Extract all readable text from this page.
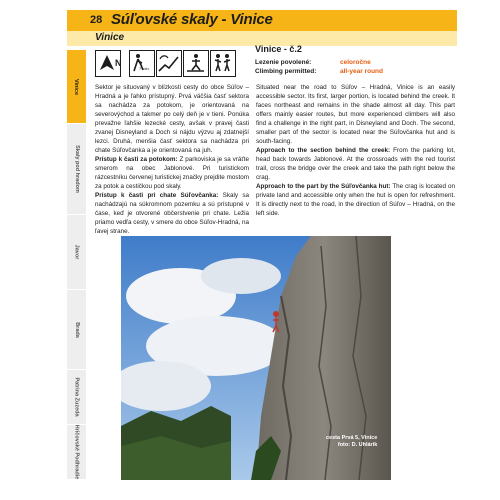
28 Súľovské skaly - Vinice
Vinice
Vinice
Skaly pod hradom
Javor
Brada
Patrina Zuzeda
Hričovské Podhradie
N
7 min.
Vinice - č.2
Lezenie povolené:	celoročne
Climbing permitted:	all-year round

Sektor je situovaný v blízkosti cesty do obce Súľov – Hradná a je ľahko prístupný. Prvá väčšia časť sektora sa nachádza za potokom, je orientovaná na severovýchod a takmer po celý deň je v tieni. Ponúka prevažne ľahšie lezecké cesty, avšak v pravej časti zvanej Disneyland a Doch si nájdu výzvu aj zdatnejší lezci. Druhá, menšia časť sektora sa nachádza pri chate Súľovčanka a je orientovaná na juh.

Prístup k časti za potokom: Z parkoviska je sa vráťte smerom na obec Jablonové. Pri turistickom rázcestníku červenej turistickej značky prejdite mostom za potok a cestičkou pod skaly.

Prístup k časti pri chate Súľovčanka: Skaly sa nachádzajú na súkromnom pozemku a sú prístupné v čase, keď je otvorené občerstvenie pri chate. Ležia priamo vedľa cesty, v smere do obce Súľov-Hradná, na ľavej strane.

Situated near the road to Súľov – Hradná, Vinice is an easily accessible sector. Its first, larger portion, is located behind the creek. It faces northeast and remains in the shade almost all day. This part offers mainly easier routes, but more experienced climbers will also find a challenge in the right part, in Disneyland and Doch. The second, smaller part of the sector is located near the Súľovčanka hut and is south-facing.

Approach to the section behind the creek: From the parking lot, head back towards Jablonové. At the crossroads with the red tourist trail, cross the bridge over the creek and take the path right below the crag.

Approach to the part by the Súľovčanka hut: The crag is located on private land and accessible only when the hut is open for refreshment. It is directly next to the road, in the direction of Súľov – Hradná, on the left side.

cesta Prvá 5, Vinice
foto: D. Uhlárik
